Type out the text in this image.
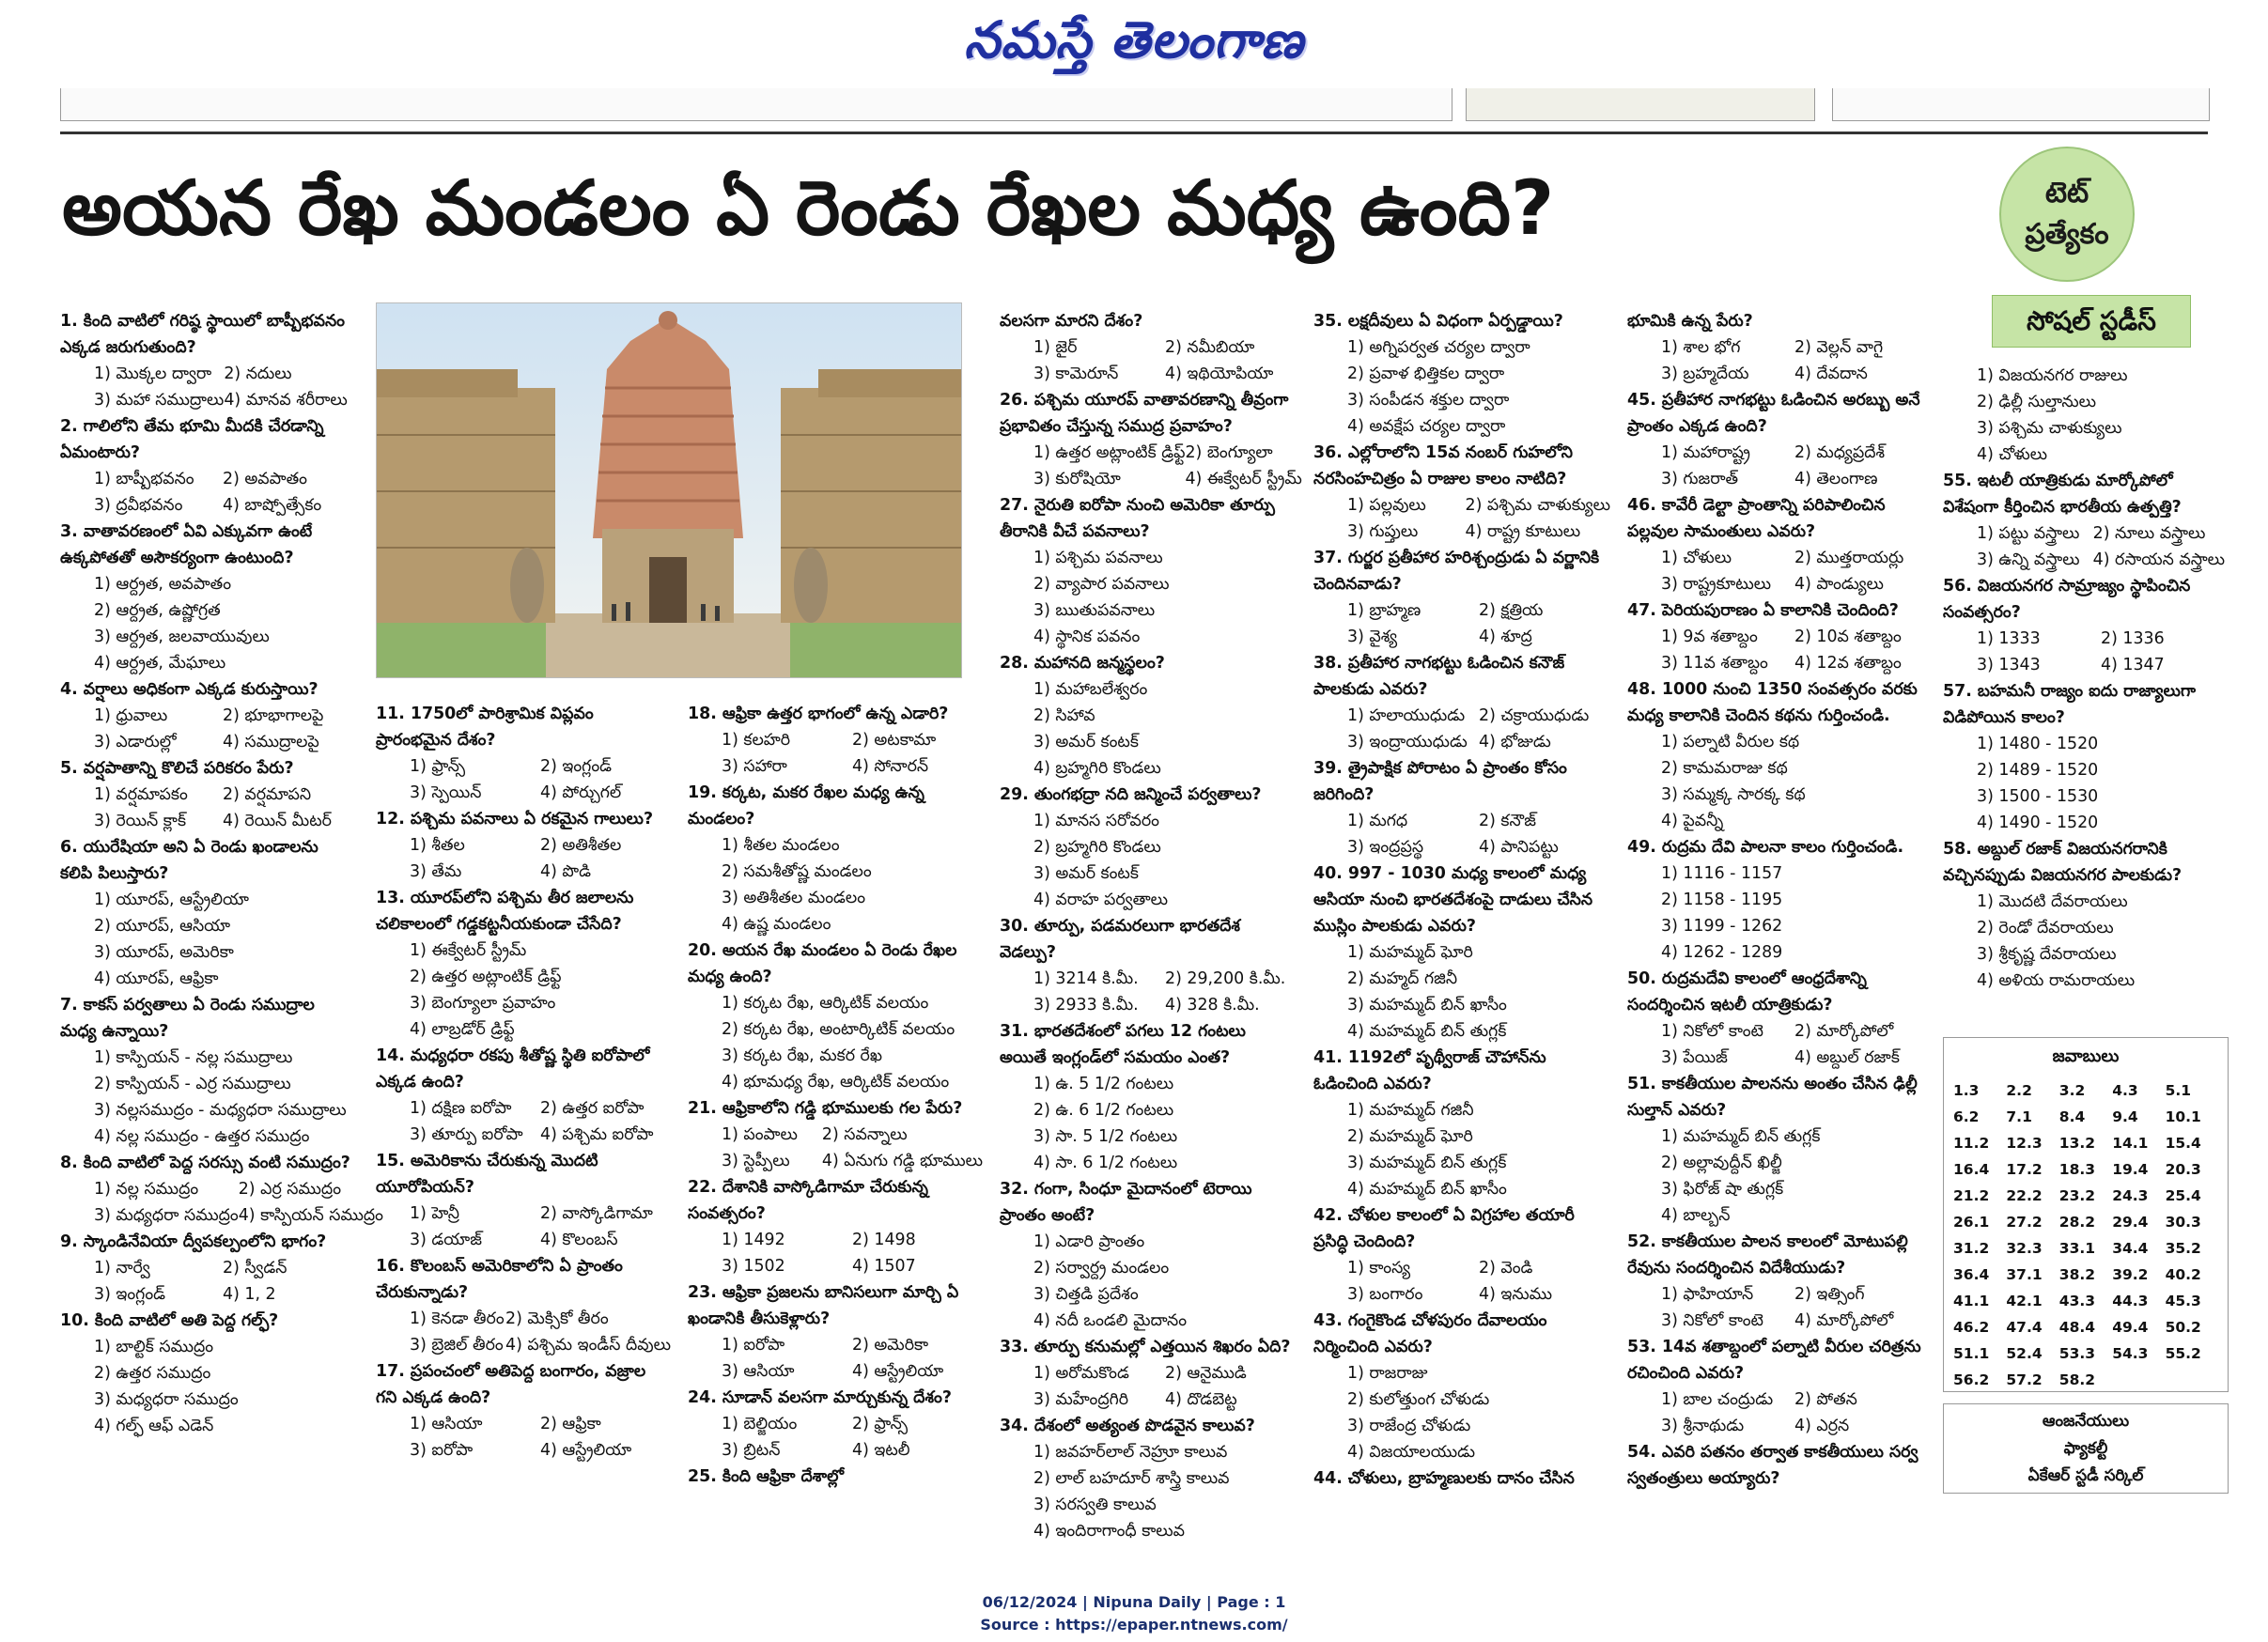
నమస్తే తెలంగాణ
అయన రేఖ మండలం ఏ రెండు రేఖల మధ్య ఉంది?	టెట్
ప్రత్యేకం
సోషల్ స్టడీస్
1. కింది వాటిలో గరిష్ఠ స్థాయిలో బాష్పీభవనం ఎక్కడ జరుగుతుంది?
1) మొక్కల ద్వారా 2) నదులు
3) మహా సముద్రాలు 4) మానవ శరీరాలు
2. గాలిలోని తేమ భూమి మీదకి చేరడాన్ని ఏమంటారు?
1) బాష్పీభవనం	2) అవపాతం
3) ద్రవీభవనం	4) బాష్పోత్సేకం
3. వాతావరణంలో ఏవి ఎక్కువగా ఉంటే ఉక్కపోతతో అసౌకర్యంగా ఉంటుంది?
1) ఆర్ద్రత, అవపాతం
2) ఆర్ద్రత, ఉష్ణోగ్రత
3) ఆర్ద్రత, జలవాయువులు
4) ఆర్ద్రత, మేఘాలు
4. వర్షాలు అధికంగా ఎక్కడ కురుస్తాయి?
1) ధ్రువాలు	2) భూభాగాలపై
3) ఎడారుల్లో	4) సముద్రాలపై
5. వర్షపాతాన్ని కొలిచే పరికరం పేరు?
1) వర్షమాపకం	2) వర్షమాపని
3) రెయిన్ క్లాక్	4) రెయిన్ మీటర్
6. యురేషియా అని ఏ రెండు ఖండాలను కలిపి పిలుస్తారు?
1) యూరప్, ఆస్ట్రేలియా
2) యూరప్, ఆసియా
3) యూరప్, అమెరికా
4) యూరప్, ఆఫ్రికా
7. కాకస్ పర్వతాలు ఏ రెండు సముద్రాల మధ్య ఉన్నాయి?
1) కాస్పియన్ - నల్ల సముద్రాలు
2) కాస్పియన్ - ఎర్ర సముద్రాలు
3) నల్లసముద్రం - మధ్యధరా సముద్రాలు
4) నల్ల సముద్రం - ఉత్తర సముద్రం
8. కింది వాటిలో పెద్ద సరస్సు వంటి సముద్రం?
1) నల్ల సముద్రం	2) ఎర్ర సముద్రం
3) మధ్యధరా సముద్రం 4) కాస్పియన్ సముద్రం
9. స్కాండినేవియా ద్వీపకల్పంలోని భాగం?
1) నార్వే	2) స్వీడన్
3) ఇంగ్లండ్	4) 1, 2
10. కింది వాటిలో అతి పెద్ద గల్ఫ్?
1) బాల్టిక్ సముద్రం
2) ఉత్తర సముద్రం
3) మధ్యధరా సముద్రం
4) గల్ఫ్ ఆఫ్ ఎడెన్
11. 1750లో పారిశ్రామిక విప్లవం ప్రారంభమైన దేశం?
1) ఫ్రాన్స్	2) ఇంగ్లండ్
3) స్పెయిన్	4) పోర్చుగల్
12. పశ్చిమ పవనాలు ఏ రకమైన గాలులు?
1) శీతల	2) అతిశీతల
3) తేమ	4) పొడి
13. యూరప్‌లోని పశ్చిమ తీర జలాలను చలికాలంలో గడ్డకట్టనీయకుండా చేసేది?
1) ఈక్వేటర్ స్ట్రీమ్
2) ఉత్తర అట్లాంటిక్ డ్రిఫ్ట్
3) బెంగ్యూలా ప్రవాహం
4) లాబ్రడోర్ డ్రిఫ్ట్
14. మధ్యధరా రకపు శీతోష్ణ స్థితి ఐరోపాలో ఎక్కడ ఉంది?
1) దక్షిణ ఐరోపా	2) ఉత్తర ఐరోపా
3) తూర్పు ఐరోపా	4) పశ్చిమ ఐరోపా
15. అమెరికాను చేరుకున్న మొదటి యూరోపియన్?
1) హెన్రీ	2) వాస్కోడిగామా
3) డయాజ్	4) కొలంబస్
16. కొలంబస్ అమెరికాలోని ఏ ప్రాంతం చేరుకున్నాడు?
1) కెనడా తీరం 2) మెక్సికో తీరం
3) బ్రెజిల్ తీరం 4) పశ్చిమ ఇండీస్ దీవులు
17. ప్రపంచంలో అతిపెద్ద బంగారం, వజ్రాల గని ఎక్కడ ఉంది?
1) ఆసియా	2) ఆఫ్రికా
3) ఐరోపా	4) ఆస్ట్రేలియా
18. ఆఫ్రికా ఉత్తర భాగంలో ఉన్న ఎడారి?
1) కలహరి	2) అటకామా
3) సహారా	4) సోనారన్
19. కర్కట, మకర రేఖల మధ్య ఉన్న మండలం?
1) శీతల మండలం
2) సమశీతోష్ణ మండలం
3) అతిశీతల మండలం
4) ఉష్ణ మండలం
20. అయన రేఖ మండలం ఏ రెండు రేఖల మధ్య ఉంది?
1) కర్కట రేఖ, ఆర్కిటిక్ వలయం
2) కర్కట రేఖ, అంటార్కిటిక్ వలయం
3) కర్కట రేఖ, మకర రేఖ
4) భూమధ్య రేఖ, ఆర్కిటిక్ వలయం
21. ఆఫ్రికాలోని గడ్డి భూములకు గల పేరు?
1) పంపాలు	2) సవన్నాలు
3) స్టెప్పీలు	4) ఏనుగు గడ్డి భూములు
22. దేశానికి వాస్కోడిగామా చేరుకున్న సంవత్సరం?
1) 1492	2) 1498
3) 1502	4) 1507
23. ఆఫ్రికా ప్రజలను బానిసలుగా మార్చి ఏ ఖండానికి తీసుకెళ్లారు?
1) ఐరోపా	2) అమెరికా
3) ఆసియా	4) ఆస్ట్రేలియా
24. సూడాన్ వలసగా మార్చుకున్న దేశం?
1) బెల్జియం	2) ఫ్రాన్స్
3) బ్రిటన్	4) ఇటలీ
25. కింది ఆఫ్రికా దేశాల్లో
వలసగా మారని దేశం?
1) జైర్	2) నమీబియా
3) కామెరూన్	4) ఇథియోపియా
26. పశ్చిమ యూరప్ వాతావరణాన్ని తీవ్రంగా ప్రభావితం చేస్తున్న సముద్ర ప్రవాహం?
1) ఉత్తర అట్లాంటిక్ డ్రిఫ్ట్ 2) బెంగ్యూలా
3) కురోషియో	4) ఈక్వేటర్ స్ట్రీమ్
27. నైరుతి ఐరోపా నుంచి అమెరికా తూర్పు తీరానికి వీచే పవనాలు?
1) పశ్చిమ పవనాలు
2) వ్యాపార పవనాలు
3) ఋతుపవనాలు
4) స్థానిక పవనం
28. మహానది జన్మస్థలం?
1) మహాబలేశ్వరం
2) సిహావ
3) అమర్ కంటక్
4) బ్రహ్మగిరి కొండలు
29. తుంగభద్రా నది జన్మించే పర్వతాలు?
1) మానస సరోవరం
2) బ్రహ్మగిరి కొండలు
3) అమర్ కంటక్
4) వరాహ పర్వతాలు
30. తూర్పు, పడమరలుగా భారతదేశ వెడల్పు?
1) 3214 కి.మీ.	2) 29,200 కి.మీ.
3) 2933 కి.మీ.	4) 328 కి.మీ.
31. భారతదేశంలో పగలు 12 గంటలు అయితే ఇంగ్లండ్‌లో సమయం ఎంత?
1) ఉ. 5 1/2 గంటలు
2) ఉ. 6 1/2 గంటలు
3) సా. 5 1/2 గంటలు
4) సా. 6 1/2 గంటలు
32. గంగా, సింధూ మైదానంలో టెరాయి ప్రాంతం అంటే?
1) ఎడారి ప్రాంతం
2) సర్వార్ద్ర మండలం
3) చిత్తడి ప్రదేశం
4) నదీ ఒండలి మైదానం
33. తూర్పు కనుమల్లో ఎత్తయిన శిఖరం ఏది?
1) అరోమకొండ	2) ఆనైముడి
3) మహేంద్రగిరి	4) దొడబెట్ట
34. దేశంలో అత్యంత పొడవైన కాలువ?
1) జవహర్‌లాల్ నెహ్రూ కాలువ
2) లాల్ బహదూర్ శాస్త్రి కాలువ
3) సరస్వతి కాలువ
4) ఇందిరాగాంధీ కాలువ
35. లక్షదీవులు ఏ విధంగా ఏర్పడ్డాయి?
1) అగ్నిపర్వత చర్యల ద్వారా
2) ప్రవాళ భిత్తికల ద్వారా
3) సంపీడన శక్తుల ద్వారా
4) అవక్షేప చర్యల ద్వారా
36. ఎల్లోరాలోని 15వ నంబర్ గుహలోని నరసింహచిత్రం ఏ రాజుల కాలం నాటిది?
1) పల్లవులు	2) పశ్చిమ చాళుక్యులు
3) గుప్తులు	4) రాష్ట్ర కూటులు
37. గుర్జర ప్రతీహార హరిశ్చంద్రుడు ఏ వర్ణానికి చెందినవాడు?
1) బ్రాహ్మణ	2) క్షత్రియ
3) వైశ్య	4) శూద్ర
38. ప్రతీహార నాగభట్టు ఓడించిన కనౌజ్ పాలకుడు ఎవరు?
1) హలాయుధుడు 2) చక్రాయుధుడు
3) ఇంద్రాయుధుడు 4) భోజుడు
39. త్రైపాక్షిక పోరాటం ఏ ప్రాంతం కోసం జరిగింది?
1) మగధ	2) కనౌజ్
3) ఇంద్రప్రస్థ	4) పానిపట్టు
40. 997 - 1030 మధ్య కాలంలో మధ్య ఆసియా నుంచి భారతదేశంపై దాడులు చేసిన ముస్లిం పాలకుడు ఎవరు?
1) మహమ్మద్ ఘోరి
2) మహ్మద్ గజినీ
3) మహమ్మద్ బిన్ ఖాసీం
4) మహమ్మద్ బిన్ తుగ్లక్
41. 1192లో పృథ్వీరాజ్ చౌహాన్‌ను ఓడించింది ఎవరు?
1) మహమ్మద్ గజినీ
2) మహమ్మద్ ఘోరి
3) మహమ్మద్ బిన్ తుగ్లక్
4) మహమ్మద్ బిన్ ఖాసీం
42. చోళుల కాలంలో ఏ విగ్రహాల తయారీ ప్రసిద్ధి చెందింది?
1) కాంస్య	2) వెండి
3) బంగారం	4) ఇనుము
43. గంగైకొండ చోళపురం దేవాలయం నిర్మించింది ఎవరు?
1) రాజరాజు
2) కులోత్తుంగ చోళుడు
3) రాజేంద్ర చోళుడు
4) విజయాలయుడు
44. చోళులు, బ్రాహ్మణులకు దానం చేసిన
భూమికి ఉన్న పేరు?
1) శాల భోగ	2) వెల్లన్ వాగై
3) బ్రహ్మదేయ	4) దేవదాన
45. ప్రతీహార నాగభట్టు ఓడించిన అరబ్బు అనే ప్రాంతం ఎక్కడ ఉంది?
1) మహారాష్ట్ర	2) మధ్యప్రదేశ్
3) గుజరాత్	4) తెలంగాణ
46. కావేరీ డెల్టా ప్రాంతాన్ని పరిపాలించిన పల్లవుల సామంతులు ఎవరు?
1) చోళులు	2) ముత్తరాయర్లు
3) రాష్ట్రకూటులు	4) పాండ్యులు
47. పెరియపురాణం ఏ కాలానికి చెందింది?
1) 9వ శతాబ్దం	2) 10వ శతాబ్దం
3) 11వ శతాబ్దం	4) 12వ శతాబ్దం
48. 1000 నుంచి 1350 సంవత్సరం వరకు మధ్య కాలానికి చెందిన కథను గుర్తించండి.
1) పల్నాటి వీరుల కథ
2) కామమరాజు కథ
3) సమ్మక్క సారక్క కథ
4) పైవన్నీ
49. రుద్రమ దేవి పాలనా కాలం గుర్తించండి.
1) 1116 - 1157
2) 1158 - 1195
3) 1199 - 1262
4) 1262 - 1289
50. రుద్రమదేవి కాలంలో ఆంధ్రదేశాన్ని సందర్శించిన ఇటలీ యాత్రికుడు?
1) నికోలో కాంటె	2) మార్కోపోలో
3) పేయిజ్	4) అబ్దుల్ రజాక్
51. కాకతీయుల పాలనను అంతం చేసిన ఢిల్లీ సుల్తాన్ ఎవరు?
1) మహమ్మద్ బిన్ తుగ్లక్
2) అల్లావుద్దీన్ ఖిల్జీ
3) ఫిరోజ్ షా తుగ్లక్
4) బాల్బన్
52. కాకతీయుల పాలన కాలంలో మోటుపల్లి రేవును సందర్శించిన విదేశీయుడు?
1) ఫాహియాన్	2) ఇత్సింగ్
3) నికోలో కాంటె	4) మార్కోపోలో
53. 14వ శతాబ్దంలో పల్నాటి వీరుల చరిత్రను రచించింది ఎవరు?
1) బాల చంద్రుడు	2) పోతన
3) శ్రీనాథుడు	4) ఎర్రన
54. ఎవరి పతనం తర్వాత కాకతీయులు సర్వ స్వతంత్రులు అయ్యారు?
1) విజయనగర రాజులు
2) ఢిల్లీ సుల్తానులు
3) పశ్చిమ చాళుక్యులు
4) చోళులు
55. ఇటలీ యాత్రికుడు మార్కోపోలో విశేషంగా కీర్తించిన భారతీయ ఉత్పత్తి?
1) పట్టు వస్త్రాలు 2) నూలు వస్త్రాలు
3) ఉన్ని వస్త్రాలు 4) రసాయన వస్త్రాలు
56. విజయనగర సామ్రాజ్యం స్థాపించిన సంవత్సరం?
1) 1333	2) 1336
3) 1343	4) 1347
57. బహమనీ రాజ్యం ఐదు రాజ్యాలుగా విడిపోయిన కాలం?
1) 1480 - 1520
2) 1489 - 1520
3) 1500 - 1530
4) 1490 - 1520
58. అబ్దుల్ రజాక్ విజయనగరానికి వచ్చినప్పుడు విజయనగర పాలకుడు?
1) మొదటి దేవరాయలు
2) రెండో దేవరాయలు
3) శ్రీకృష్ణ దేవరాయలు
4) అళియ రామరాయలు
జవాబులు
1.3	2.2	3.2	4.3	5.1
6.2	7.1	8.4	9.4	10.1
11.2	12.3	13.2	14.1	15.4
16.4	17.2	18.3	19.4	20.3
21.2	22.2	23.2	24.3	25.4
26.1	27.2	28.2	29.4	30.3
31.2	32.3	33.1	34.4	35.2
36.4	37.1	38.2	39.2	40.2
41.1	42.1	43.3	44.3	45.3
46.2	47.4	48.4	49.4	50.2
51.1	52.4	53.3	54.3	55.2
56.2	57.2	58.2
ఆంజనేయులు
ఫ్యాకల్టీ
ఏకేఆర్ స్టడీ సర్కిల్
06/12/2024 | Nipuna Daily | Page : 1
Source : https://epaper.ntnews.com/
